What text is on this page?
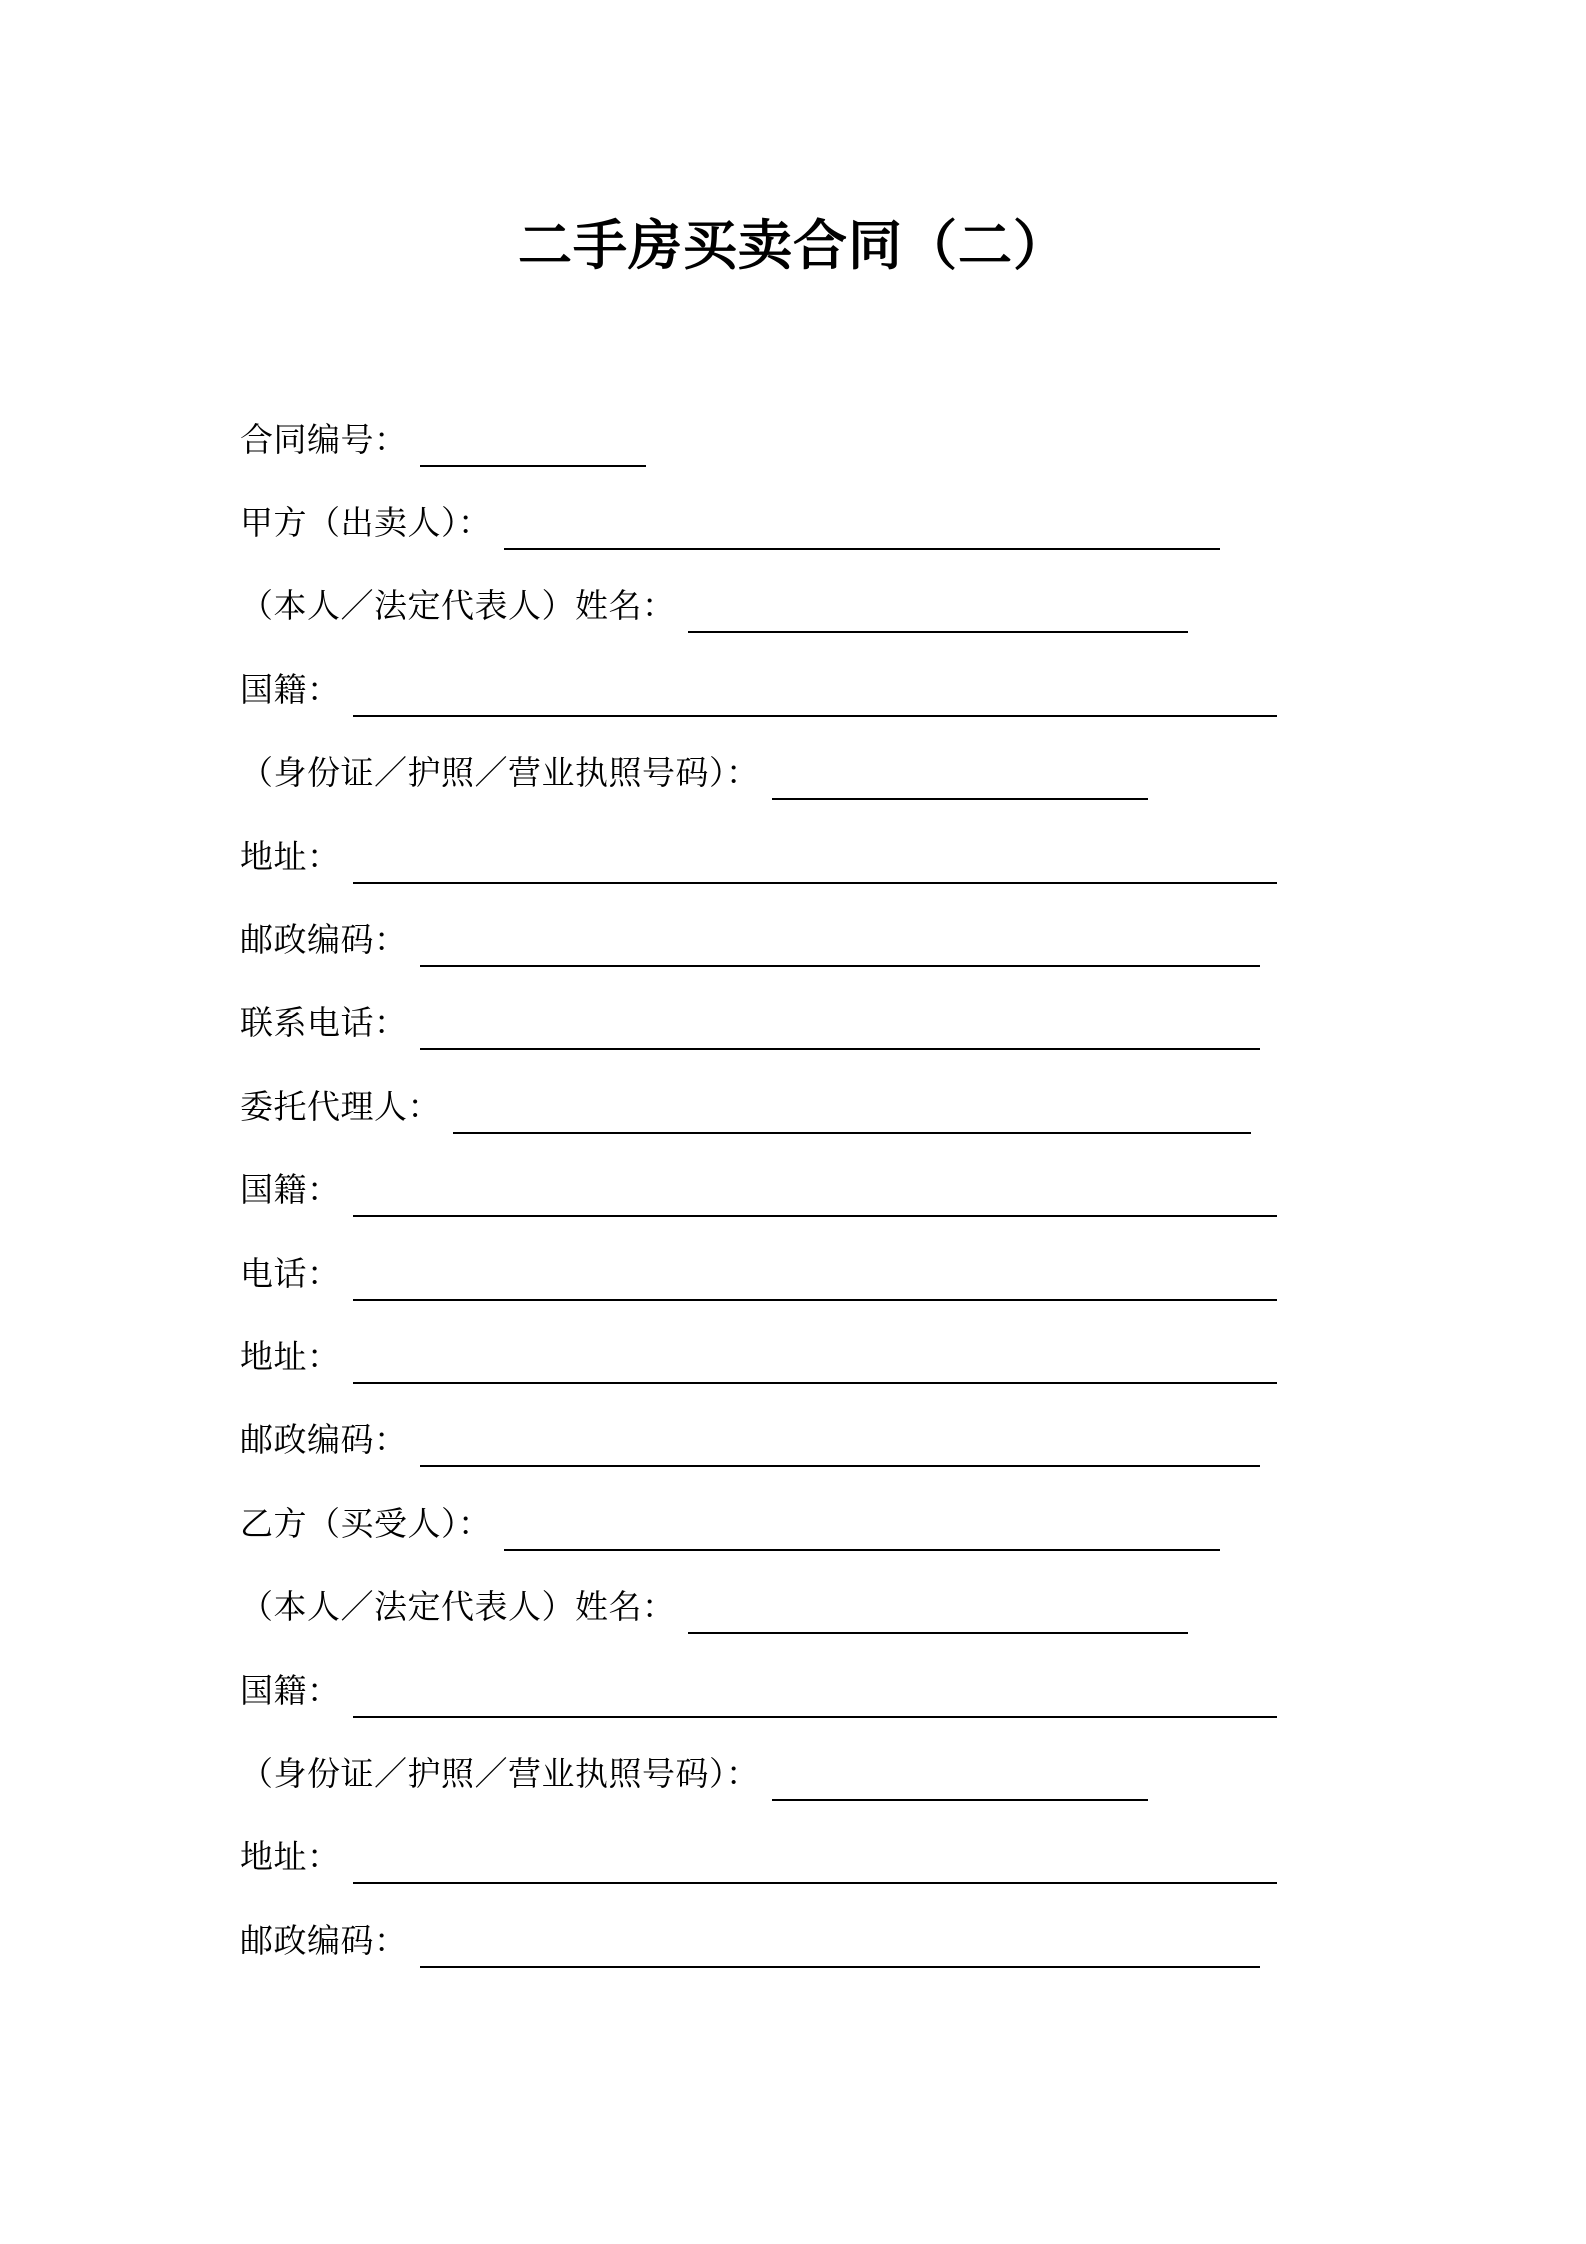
二手房买卖合同（二）
合同编号：
甲方（出卖人）：
（本人／法定代表人）姓名：
国籍：
（身份证／护照／营业执照号码）：
地址：
邮政编码：
联系电话：
委托代理人：
国籍：
电话：
地址：
邮政编码：
乙方（买受人）：
（本人／法定代表人）姓名：
国籍：
（身份证／护照／营业执照号码）：
地址：
邮政编码：
